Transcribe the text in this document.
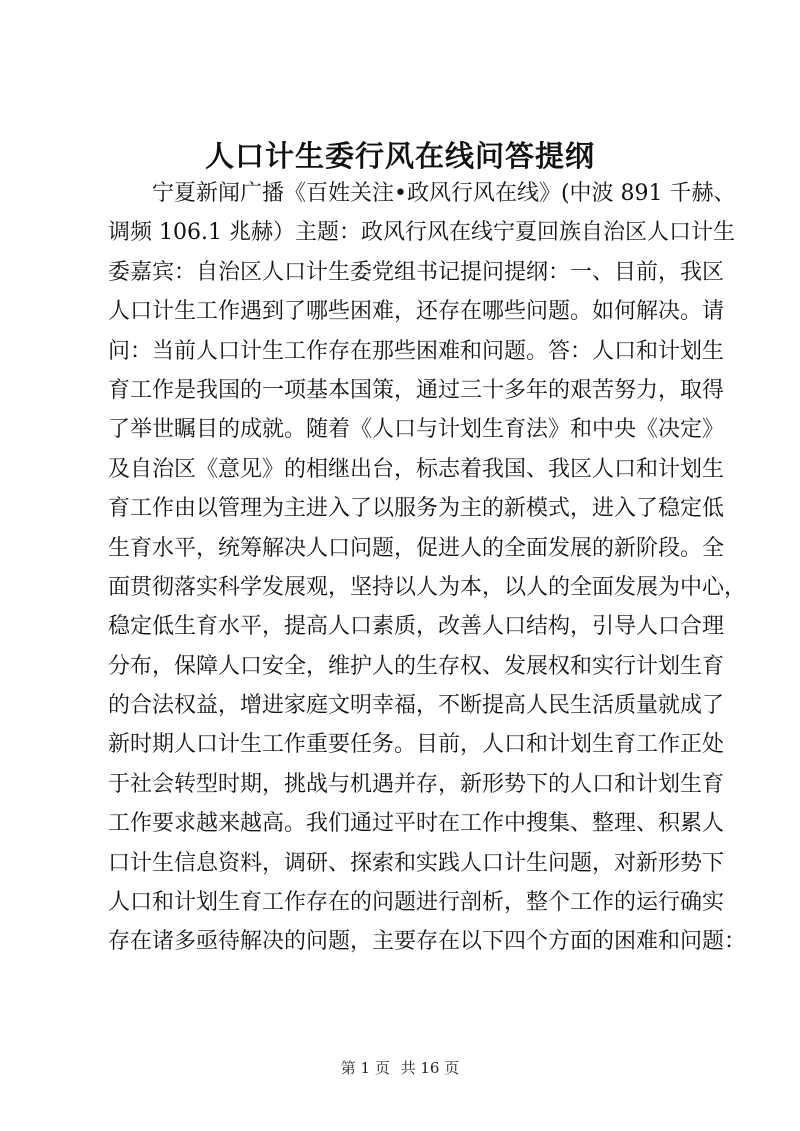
人口计生委行风在线问答提纲
宁夏新闻广播《百姓关注•政风行风在线》(中波 891 千赫、
调频 106.1 兆赫）主题：政风行风在线宁夏回族自治区人口计生
委嘉宾：自治区人口计生委党组书记提问提纲：一、目前，我区
人口计生工作遇到了哪些困难，还存在哪些问题。如何解决。请
问：当前人口计生工作存在那些困难和问题。答：人口和计划生
育工作是我国的一项基本国策，通过三十多年的艰苦努力，取得
了举世瞩目的成就。随着《人口与计划生育法》和中央《决定》
及自治区《意见》的相继出台，标志着我国、我区人口和计划生
育工作由以管理为主进入了以服务为主的新模式，进入了稳定低
生育水平，统筹解决人口问题，促进人的全面发展的新阶段。全
面贯彻落实科学发展观，坚持以人为本，以人的全面发展为中心，
稳定低生育水平，提高人口素质，改善人口结构，引导人口合理
分布，保障人口安全，维护人的生存权、发展权和实行计划生育
的合法权益，增进家庭文明幸福，不断提高人民生活质量就成了
新时期人口计生工作重要任务。目前，人口和计划生育工作正处
于社会转型时期，挑战与机遇并存，新形势下的人口和计划生育
工作要求越来越高。我们通过平时在工作中搜集、整理、积累人
口计生信息资料，调研、探索和实践人口计生问题，对新形势下
人口和计划生育工作存在的问题进行剖析，整个工作的运行确实
存在诸多亟待解决的问题，主要存在以下四个方面的困难和问题：
第 1 页 共 16 页
